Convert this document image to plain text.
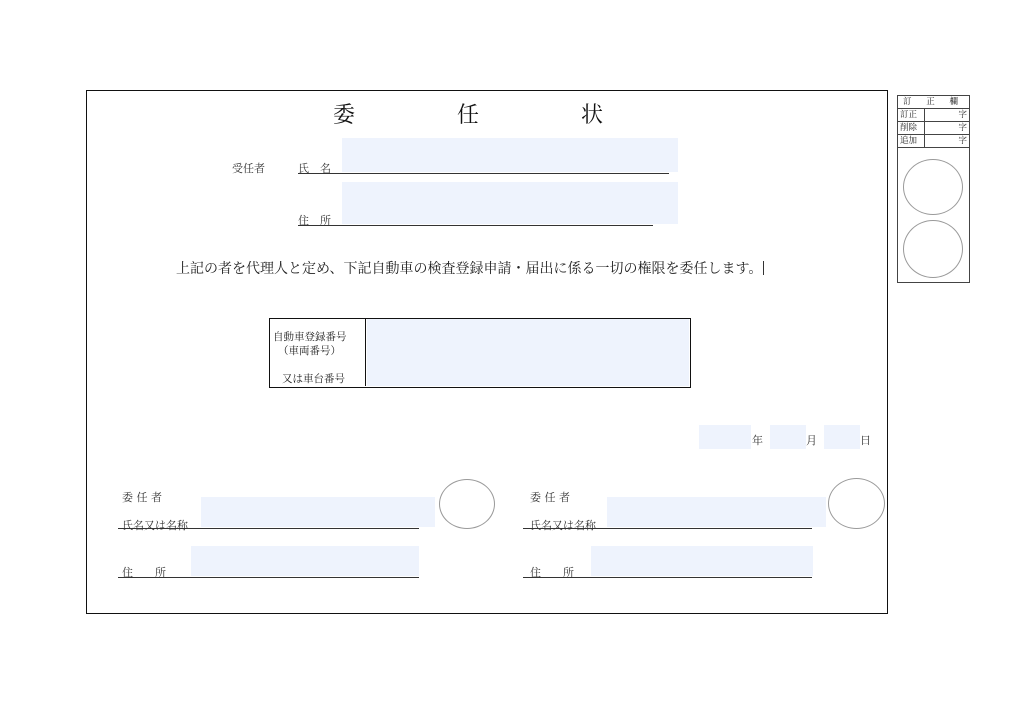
委　任　状
受任者	氏　名
住　所
上記の者を代理人と定め、下記自動車の検査登録申請・届出に係る一切の権限を委任します。
自動車登録番号
（車両番号）
又は車台番号
年	月	日
委 任 者
氏名又は名称
住　　所
委 任 者
氏名又は名称
住　　所
訂 正 欄
訂正	字
削除	字
追加	字
